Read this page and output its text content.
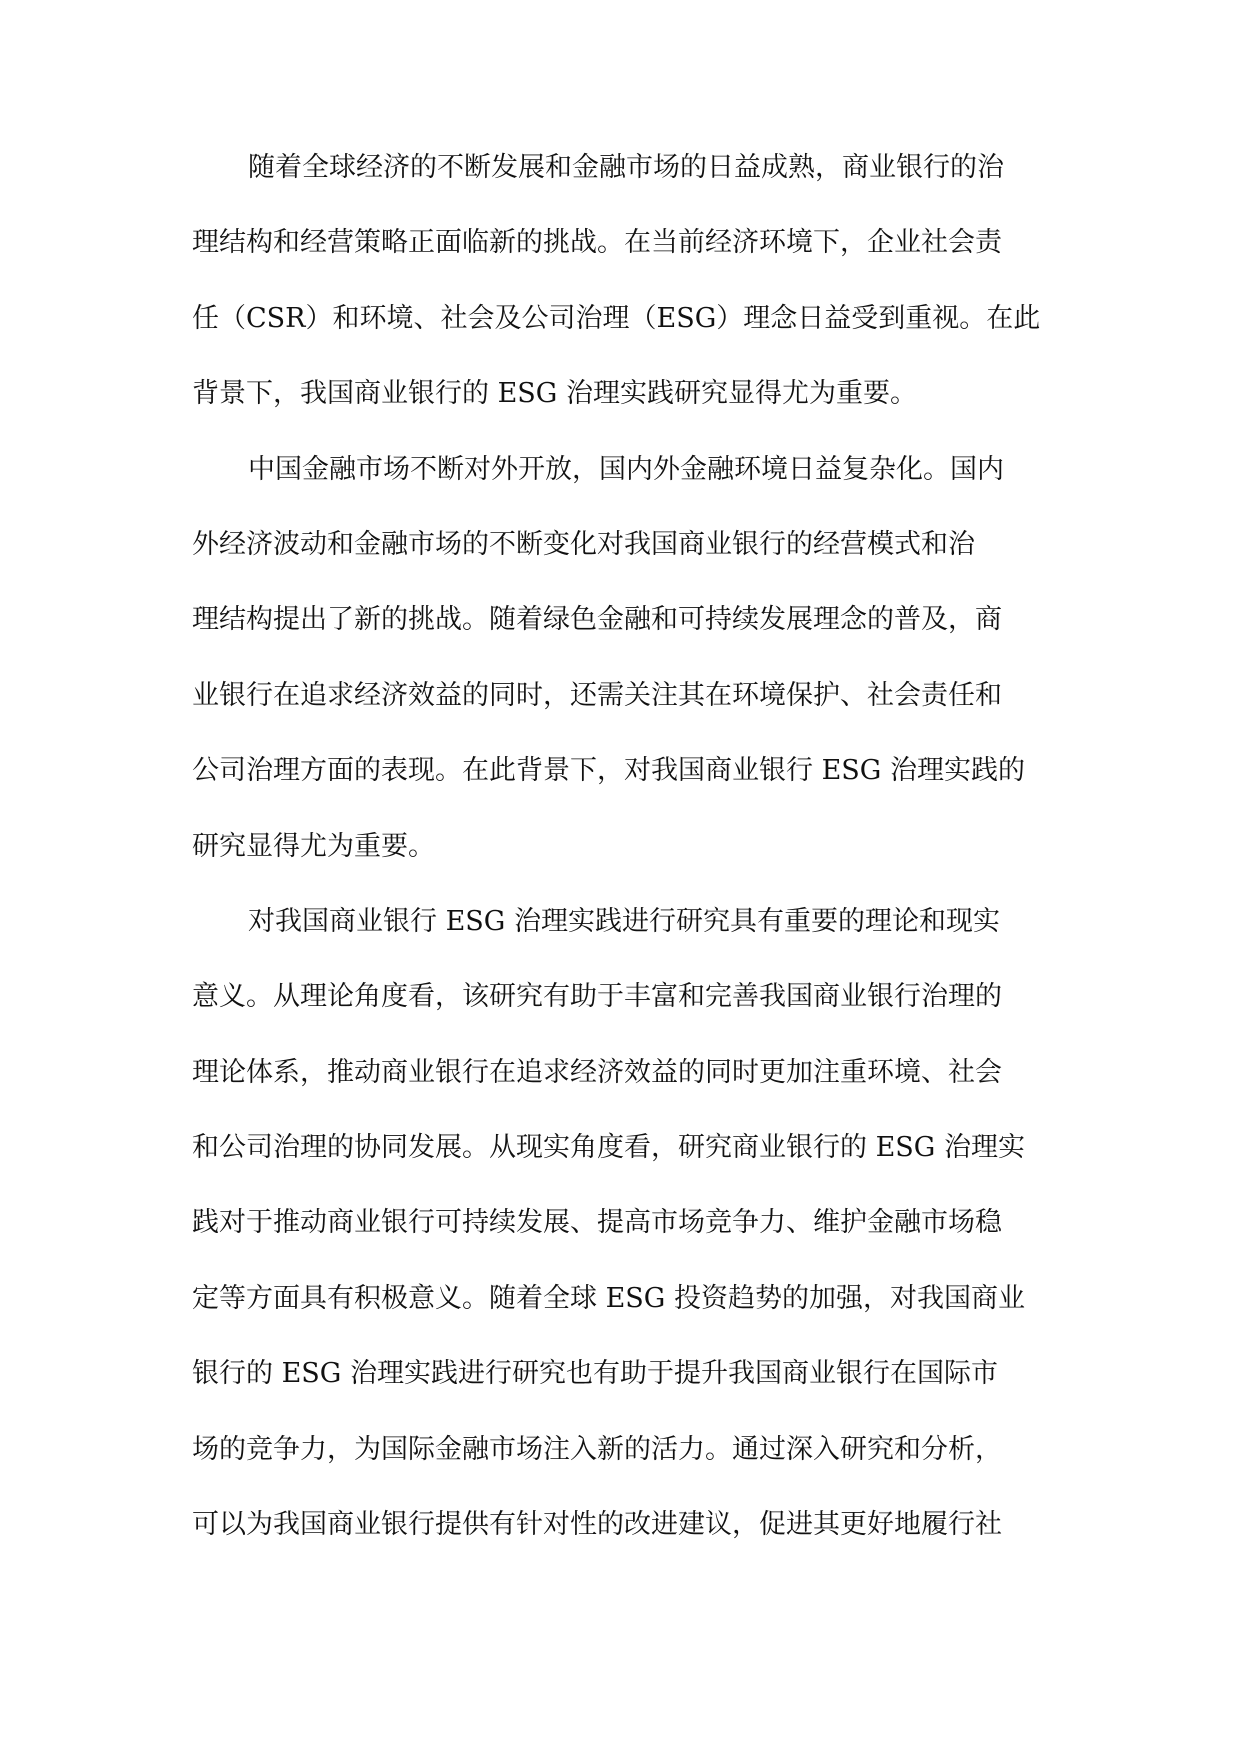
随着全球经济的不断发展和金融市场的日益成熟，商业银行的治
理结构和经营策略正面临新的挑战。在当前经济环境下，企业社会责
任（CSR）和环境、社会及公司治理（ESG）理念日益受到重视。在此
背景下，我国商业银行的 ESG 治理实践研究显得尤为重要。
中国金融市场不断对外开放，国内外金融环境日益复杂化。国内
外经济波动和金融市场的不断变化对我国商业银行的经营模式和治
理结构提出了新的挑战。随着绿色金融和可持续发展理念的普及，商
业银行在追求经济效益的同时，还需关注其在环境保护、社会责任和
公司治理方面的表现。在此背景下，对我国商业银行 ESG 治理实践的
研究显得尤为重要。
对我国商业银行 ESG 治理实践进行研究具有重要的理论和现实
意义。从理论角度看，该研究有助于丰富和完善我国商业银行治理的
理论体系，推动商业银行在追求经济效益的同时更加注重环境、社会
和公司治理的协同发展。从现实角度看，研究商业银行的 ESG 治理实
践对于推动商业银行可持续发展、提高市场竞争力、维护金融市场稳
定等方面具有积极意义。随着全球 ESG 投资趋势的加强，对我国商业
银行的 ESG 治理实践进行研究也有助于提升我国商业银行在国际市
场的竞争力，为国际金融市场注入新的活力。通过深入研究和分析，
可以为我国商业银行提供有针对性的改进建议，促进其更好地履行社
